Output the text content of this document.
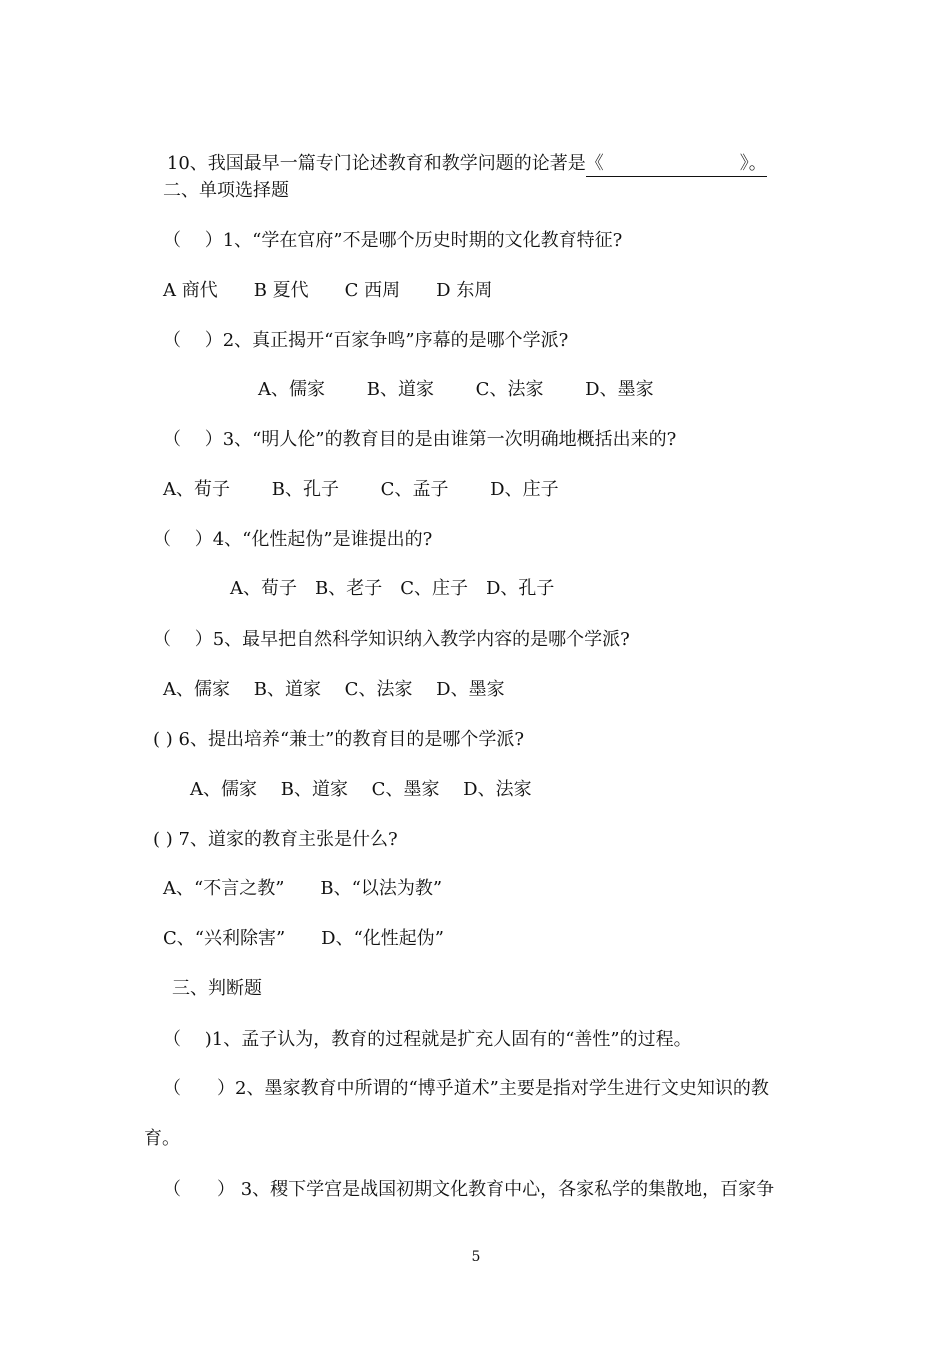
10、我国最早一篇专门论述教育和教学问题的论著是《	》。

二、单项选择题
（　 ）1、“学在官府”不是哪个历史时期的文化教育特征?
A 商代　　B 夏代　　C 西周　　D 东周
（　 ）2、真正揭开“百家争鸣”序幕的是哪个学派?
A、儒家　　 B、道家　　 C、法家　　 D、墨家
（　 ）3、“明人伦”的教育目的是由谁第一次明确地概括出来的?
A、荀子　　 B、孔子　　 C、孟子　　 D、庄子
（　 ）4、“化性起伪”是谁提出的?
A、荀子　B、老子　C、庄子　D、孔子
（　 ）5、最早把自然科学知识纳入教学内容的是哪个学派?
A、儒家　 B、道家　 C、法家　 D、墨家
( ) 6、提出培养“兼士”的教育目的是哪个学派?
A、儒家　 B、道家　 C、墨家　 D、法家
( ) 7、道家的教育主张是什么?
A、“不言之教”　　B、“以法为教”
C、“兴利除害”　　D、“化性起伪”
三、判断题
（　 )1、孟子认为，教育的过程就是扩充人固有的“善性”的过程。
（　　）2、墨家教育中所谓的“博乎道术”主要是指对学生进行文史知识的教
育。
（　　） 3、稷下学宫是战国初期文化教育中心，各家私学的集散地，百家争
5
